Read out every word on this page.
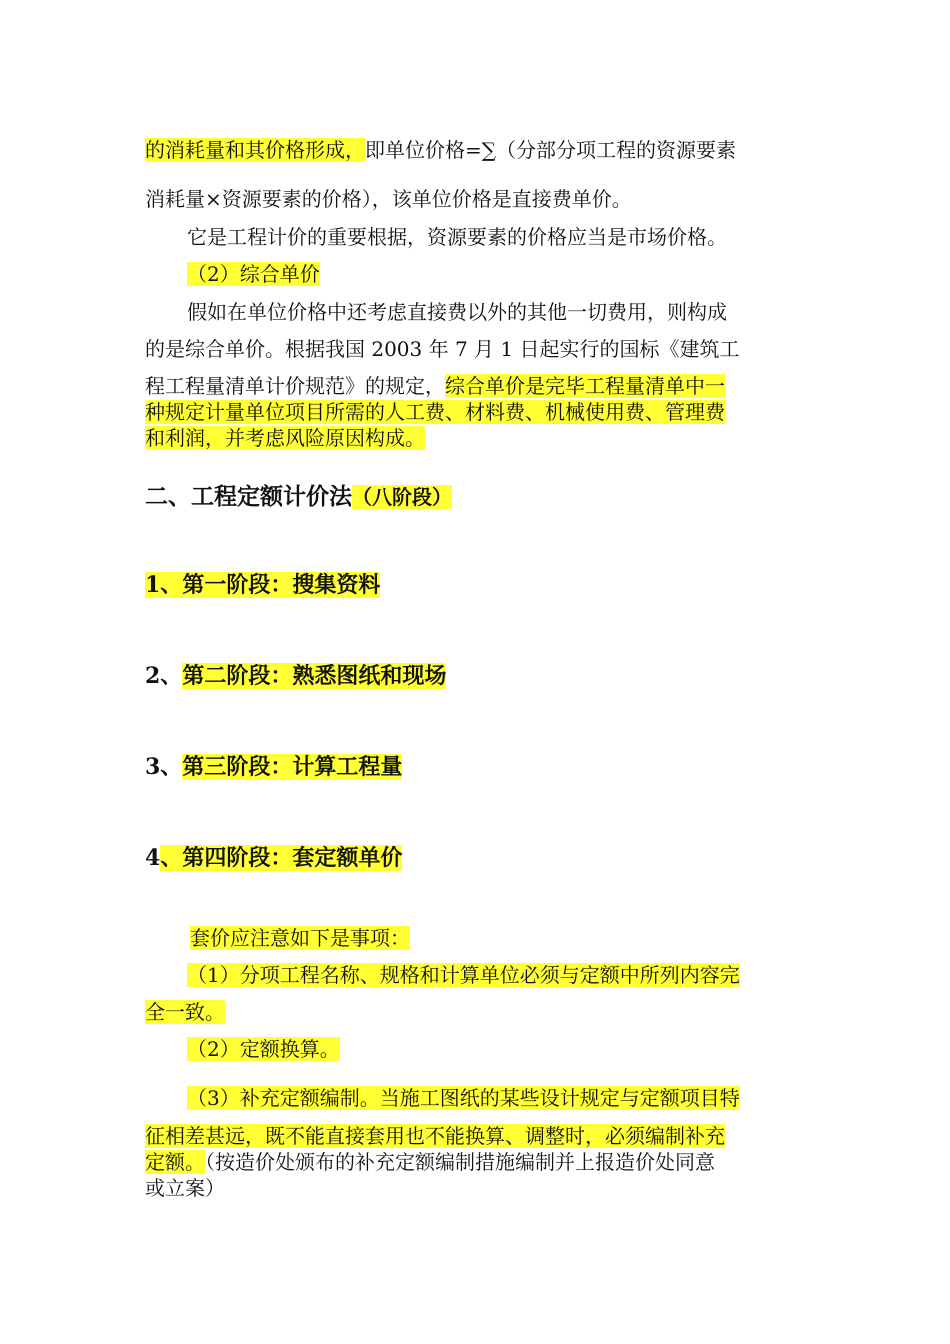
的消耗量和其价格形成，即单位价格=∑（分部分项工程的资源要素
消耗量×资源要素的价格），该单位价格是直接费单价。
它是工程计价的重要根据，资源要素的价格应当是市场价格。
（2）综合单价
假如在单位价格中还考虑直接费以外的其他一切费用，则构成
的是综合单价。根据我国 2003 年 7 月 1 日起实行的国标《建筑工
程工程量清单计价规范》的规定，综合单价是完毕工程量清单中一
种规定计量单位项目所需的人工费、材料费、机械使用费、管理费
和利润，并考虑风险原因构成。
二、工程定额计价法（八阶段）
1、第一阶段：搜集资料
2、第二阶段：熟悉图纸和现场
3、第三阶段：计算工程量
4、第四阶段：套定额单价
套价应注意如下是事项：
（1）分项工程名称、规格和计算单位必须与定额中所列内容完
全一致。
（2）定额换算。
（3）补充定额编制。当施工图纸的某些设计规定与定额项目特
征相差甚远，既不能直接套用也不能换算、调整时，必须编制补充
定额。（按造价处颁布的补充定额编制措施编制并上报造价处同意
或立案）
